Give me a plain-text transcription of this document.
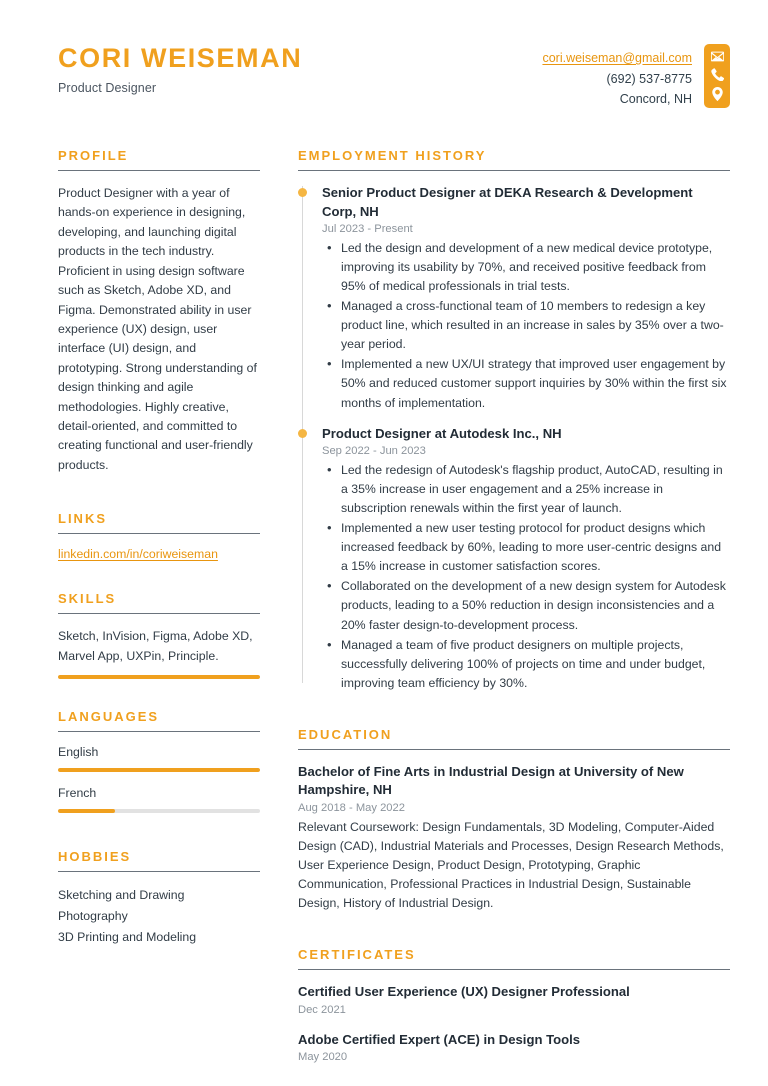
CORI WEISEMAN
Product Designer
cori.weiseman@gmail.com
(692) 537-8775
Concord, NH
PROFILE

Product Designer with a year of hands-on experience in designing, developing, and launching digital products in the tech industry. Proficient in using design software such as Sketch, Adobe XD, and Figma. Demonstrated ability in user experience (UX) design, user interface (UI) design, and prototyping. Strong understanding of design thinking and agile methodologies. Highly creative, detail-oriented, and committed to creating functional and user-friendly products.

LINKS
linkedin.com/in/coriweiseman
SKILLS

Sketch, InVision, Figma, Adobe XD, Marvel App, UXPin, Principle.

LANGUAGES
English
French
HOBBIES
Sketching and Drawing
Photography
3D Printing and Modeling
EMPLOYMENT HISTORY
Senior Product Designer at DEKA Research & Development Corp, NH
Jul 2023 - Present
• Led the design and development of a new medical device prototype, improving its usability by 70%, and received positive feedback from 95% of medical professionals in trial tests.
• Managed a cross-functional team of 10 members to redesign a key product line, which resulted in an increase in sales by 35% over a two-year period.
• Implemented a new UX/UI strategy that improved user engagement by 50% and reduced customer support inquiries by 30% within the first six months of implementation.
Product Designer at Autodesk Inc., NH
Sep 2022 - Jun 2023
• Led the redesign of Autodesk's flagship product, AutoCAD, resulting in a 35% increase in user engagement and a 25% increase in subscription renewals within the first year of launch.
• Implemented a new user testing protocol for product designs which increased feedback by 60%, leading to more user-centric designs and a 15% increase in customer satisfaction scores.
• Collaborated on the development of a new design system for Autodesk products, leading to a 50% reduction in design inconsistencies and a 20% faster design-to-development process.
• Managed a team of five product designers on multiple projects, successfully delivering 100% of projects on time and under budget, improving team efficiency by 30%.
EDUCATION
Bachelor of Fine Arts in Industrial Design at University of New Hampshire, NH
Aug 2018 - May 2022
Relevant Coursework: Design Fundamentals, 3D Modeling, Computer-Aided Design (CAD), Industrial Materials and Processes, Design Research Methods, User Experience Design, Product Design, Prototyping, Graphic Communication, Professional Practices in Industrial Design, Sustainable Design, History of Industrial Design.
CERTIFICATES
Certified User Experience (UX) Designer Professional
Dec 2021
Adobe Certified Expert (ACE) in Design Tools
May 2020
